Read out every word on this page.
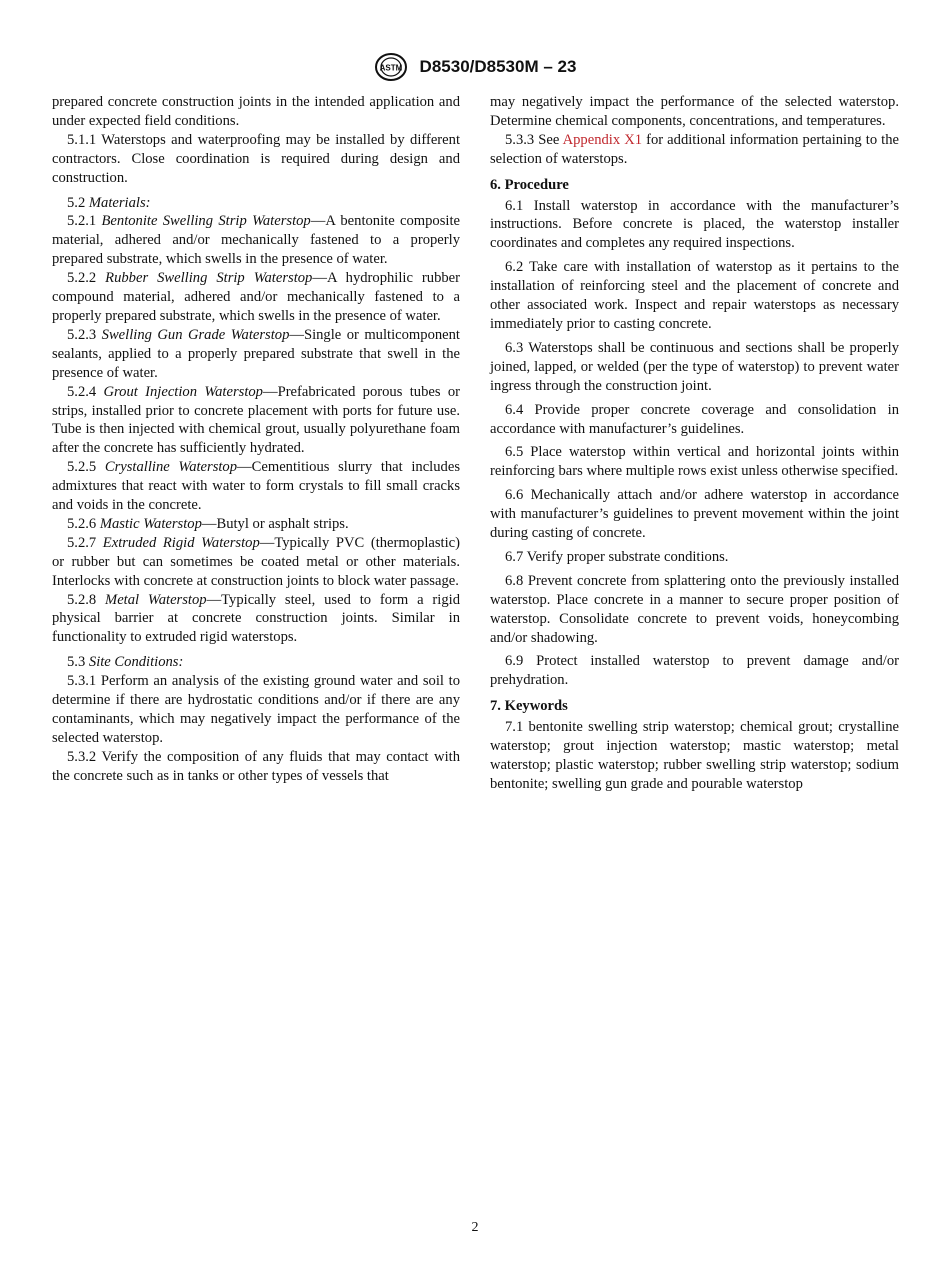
ASTM D8530/D8530M – 23

prepared concrete construction joints in the intended application and under expected field conditions.

5.1.1 Waterstops and waterproofing may be installed by different contractors. Close coordination is required during design and construction.

5.2 Materials:

5.2.1 Bentonite Swelling Strip Waterstop—A bentonite composite material, adhered and/or mechanically fastened to a properly prepared substrate, which swells in the presence of water.

5.2.2 Rubber Swelling Strip Waterstop—A hydrophilic rubber compound material, adhered and/or mechanically fastened to a properly prepared substrate, which swells in the presence of water.

5.2.3 Swelling Gun Grade Waterstop—Single or multicomponent sealants, applied to a properly prepared substrate that swell in the presence of water.

5.2.4 Grout Injection Waterstop—Prefabricated porous tubes or strips, installed prior to concrete placement with ports for future use. Tube is then injected with chemical grout, usually polyurethane foam after the concrete has sufficiently hydrated.

5.2.5 Crystalline Waterstop—Cementitious slurry that includes admixtures that react with water to form crystals to fill small cracks and voids in the concrete.

5.2.6 Mastic Waterstop—Butyl or asphalt strips.

5.2.7 Extruded Rigid Waterstop—Typically PVC (thermoplastic) or rubber but can sometimes be coated metal or other materials. Interlocks with concrete at construction joints to block water passage.

5.2.8 Metal Waterstop—Typically steel, used to form a rigid physical barrier at concrete construction joints. Similar in functionality to extruded rigid waterstops.

5.3 Site Conditions:

5.3.1 Perform an analysis of the existing ground water and soil to determine if there are hydrostatic conditions and/or if there are any contaminants, which may negatively impact the performance of the selected waterstop.

5.3.2 Verify the composition of any fluids that may contact with the concrete such as in tanks or other types of vessels that

may negatively impact the performance of the selected waterstop. Determine chemical components, concentrations, and temperatures.

5.3.3 See Appendix X1 for additional information pertaining to the selection of waterstops.

6. Procedure

6.1 Install waterstop in accordance with the manufacturer’s instructions. Before concrete is placed, the waterstop installer coordinates and completes any required inspections.

6.2 Take care with installation of waterstop as it pertains to the installation of reinforcing steel and the placement of concrete and other associated work. Inspect and repair waterstops as necessary immediately prior to casting concrete.

6.3 Waterstops shall be continuous and sections shall be properly joined, lapped, or welded (per the type of waterstop) to prevent water ingress through the construction joint.

6.4 Provide proper concrete coverage and consolidation in accordance with manufacturer’s guidelines.

6.5 Place waterstop within vertical and horizontal joints within reinforcing bars where multiple rows exist unless otherwise specified.

6.6 Mechanically attach and/or adhere waterstop in accordance with manufacturer’s guidelines to prevent movement within the joint during casting of concrete.

6.7 Verify proper substrate conditions.

6.8 Prevent concrete from splattering onto the previously installed waterstop. Place concrete in a manner to secure proper position of waterstop. Consolidate concrete to prevent voids, honeycombing and/or shadowing.

6.9 Protect installed waterstop to prevent damage and/or prehydration.

7. Keywords

7.1 bentonite swelling strip waterstop; chemical grout; crystalline waterstop; grout injection waterstop; mastic waterstop; metal waterstop; plastic waterstop; rubber swelling strip waterstop; sodium bentonite; swelling gun grade and pourable waterstop

2
